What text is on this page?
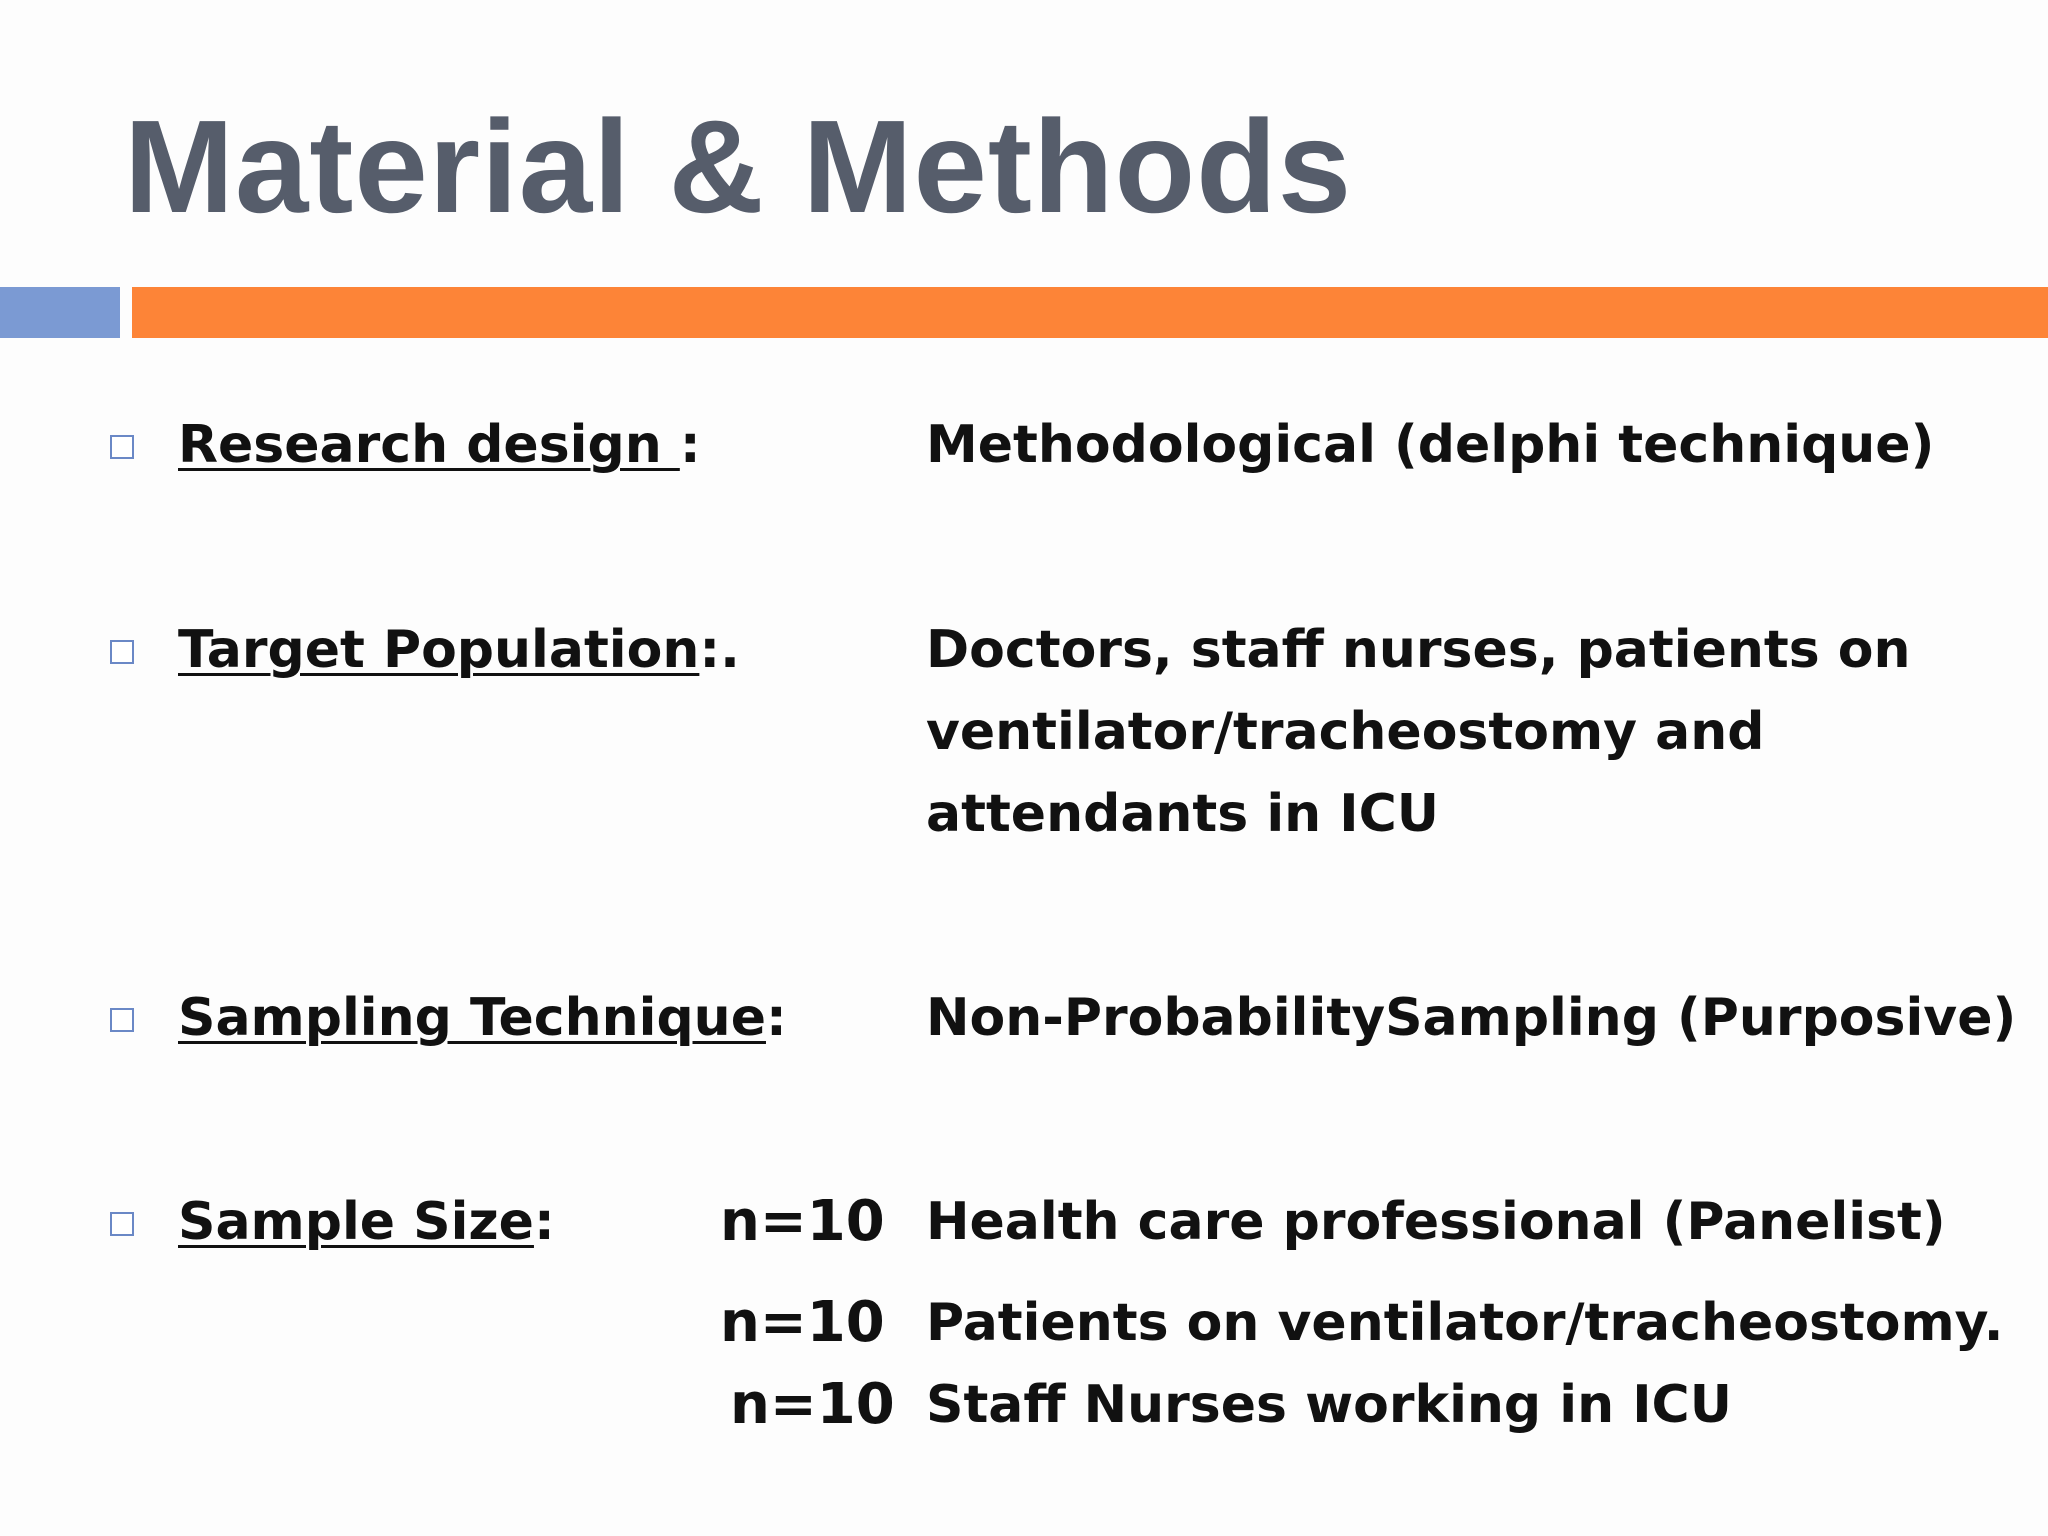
Material & Methods
Research design :	Methodological (delphi technique)
Target Population:.	Doctors, staff nurses, patients on
ventilator/tracheostomy and
attendants in ICU
Sampling Technique:	Non-ProbabilitySampling (Purposive)
Sample Size:	n=10 Health care professional (Panelist)
n=10 Patients on ventilator/tracheostomy.
n=10 Staff Nurses working in ICU
